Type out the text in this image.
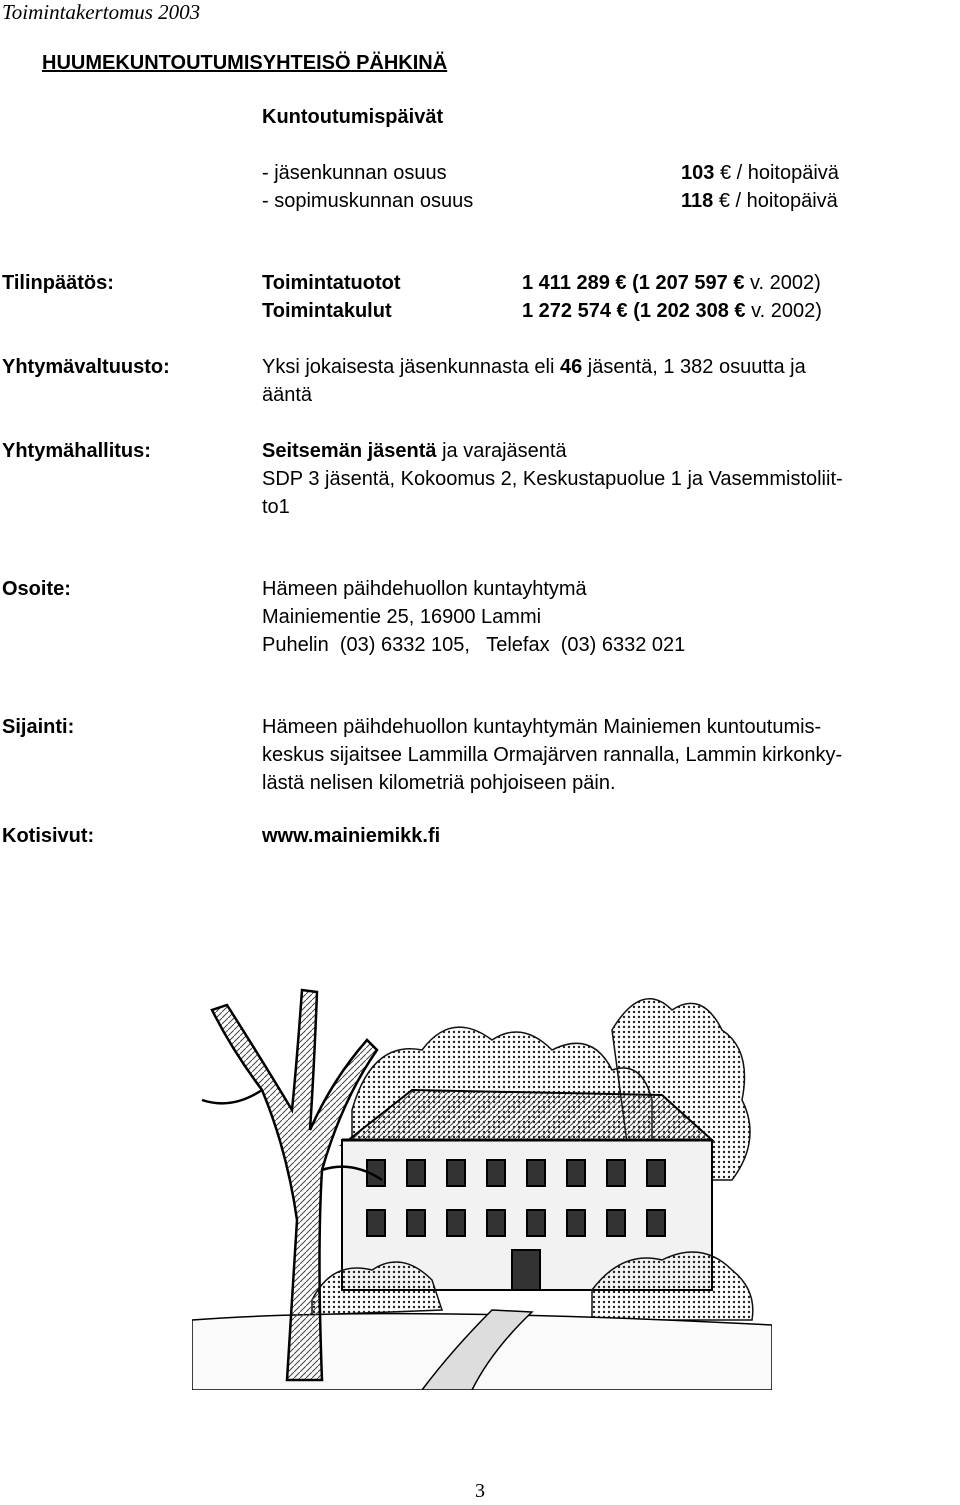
Toimintakertomus 2003
HUUMEKUNTOUTUMISYHTEISÖ PÄHKINÄ
Kuntoutumispäivät
- jäsenkunnan osuus	103 € / hoitopäivä
- sopimuskunnan osuus	118 € / hoitopäivä
Tilinpäätös:	Toimintatuotot	1 411 289 € (1 207 597 € v. 2002)
Toimintakulut	1 272 574 € (1 202 308 € v. 2002)
Yhtymävaltuusto:	Yksi jokaisesta jäsenkunnasta eli 46 jäsentä, 1 382 osuutta ja
ääntä
Yhtymähallitus:	Seitsemän jäsentä ja varajäsentä
SDP 3 jäsentä, Kokoomus 2, Keskustapuolue 1 ja Vasemmistoliit-
to1
Osoite:	Hämeen päihdehuollon kuntayhtymä
Mainiementie 25, 16900 Lammi
Puhelin  (03) 6332 105,   Telefax  (03) 6332 021
Sijainti:	Hämeen päihdehuollon kuntayhtymän Mainiemen kuntoutumis-
keskus sijaitsee Lammilla Ormajärven rannalla, Lammin kirkonky-
lästä nelisen kilometriä pohjoiseen päin.
Kotisivut:	www.mainiemikk.fi
3
